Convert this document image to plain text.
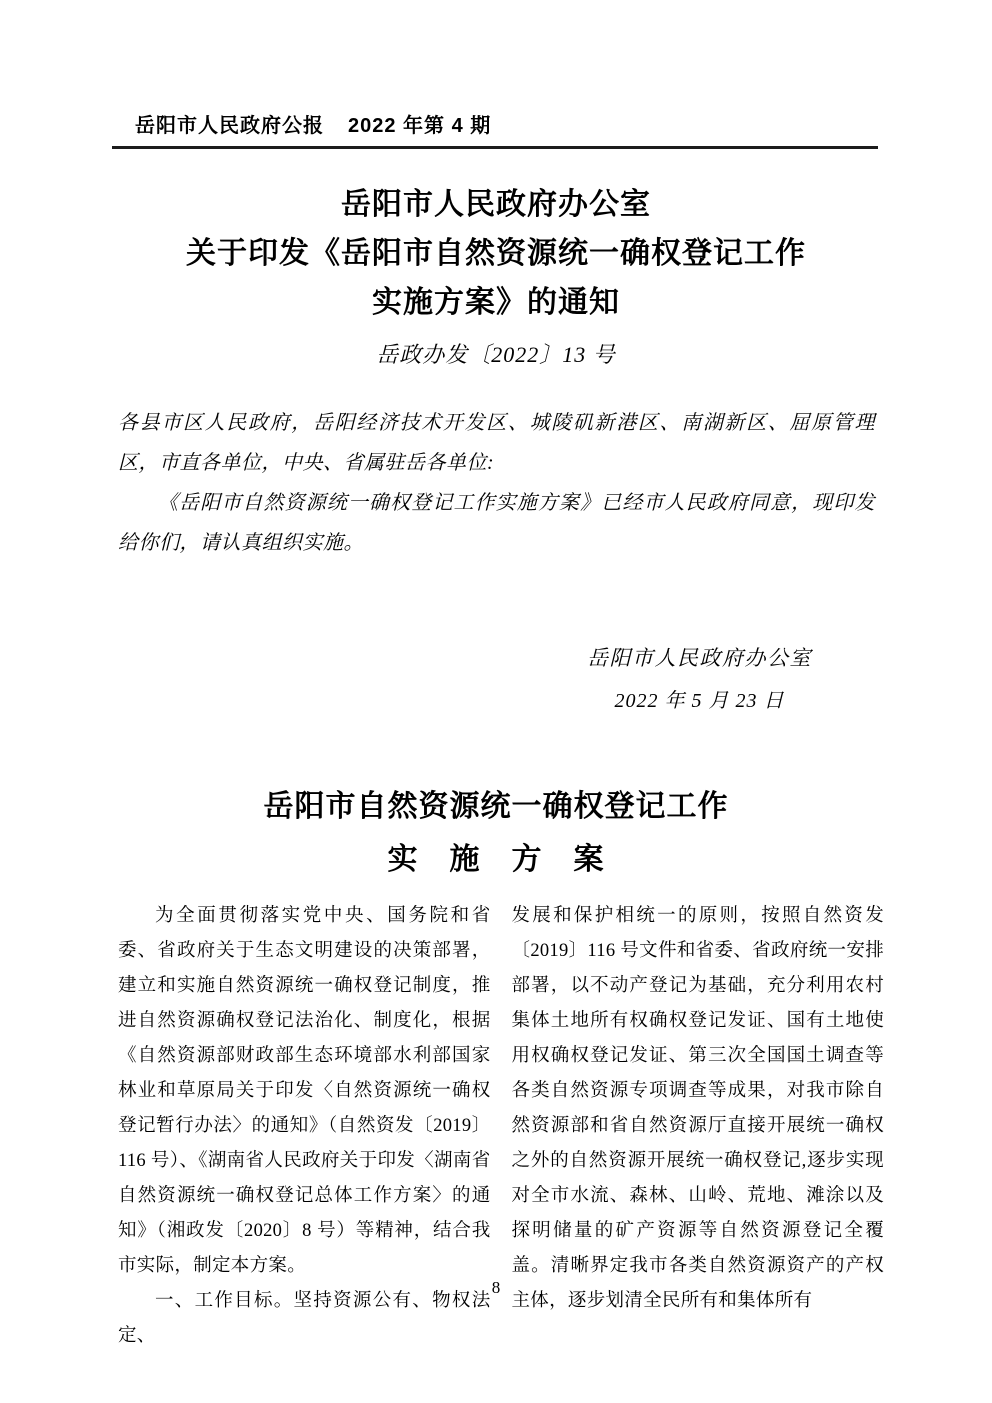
岳阳市人民政府公报 2022 年第 4 期
岳阳市人民政府办公室
关于印发《岳阳市自然资源统一确权登记工作
实施方案》的通知
岳政办发〔2022〕13 号

各县市区人民政府，岳阳经济技术开发区、城陵矶新港区、南湖新区、屈原管理区，市直各单位，中央、省属驻岳各单位:

《岳阳市自然资源统一确权登记工作实施方案》已经市人民政府同意，现印发给你们，请认真组织实施。

岳阳市人民政府办公室
2022 年 5 月 23 日
岳阳市自然资源统一确权登记工作
实　施　方　案

为全面贯彻落实党中央、国务院和省委、省政府关于生态文明建设的决策部署，建立和实施自然资源统一确权登记制度，推进自然资源确权登记法治化、制度化，根据《自然资源部财政部生态环境部水利部国家林业和草原局关于印发〈自然资源统一确权登记暂行办法〉的通知》（自然资发〔2019〕116 号）、《湖南省人民政府关于印发〈湖南省自然资源统一确权登记总体工作方案〉的通知》（湘政发〔2020〕8 号）等精神，结合我市实际，制定本方案。

一、工作目标。坚持资源公有、物权法定、

发展和保护相统一的原则，按照自然资发〔2019〕116 号文件和省委、省政府统一安排部署，以不动产登记为基础，充分利用农村集体土地所有权确权登记发证、国有土地使用权确权登记发证、第三次全国国土调查等各类自然资源专项调查等成果，对我市除自然资源部和省自然资源厅直接开展统一确权之外的自然资源开展统一确权登记,逐步实现对全市水流、森林、山岭、荒地、滩涂以及探明储量的矿产资源等自然资源登记全覆盖。清晰界定我市各类自然资源资产的产权主体，逐步划清全民所有和集体所有

8
